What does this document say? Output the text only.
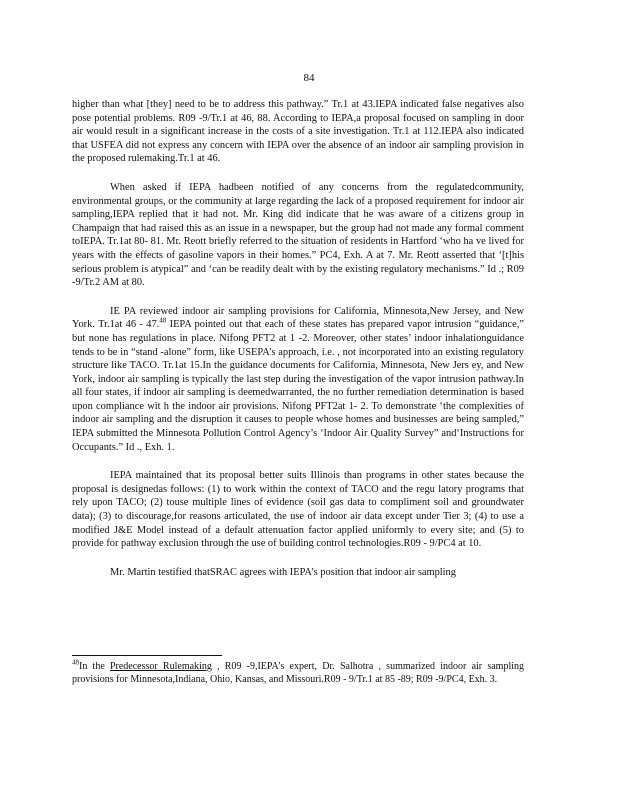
84

higher than what [they] need to be to address this pathway.” Tr.1 at 43.IEPA indicated false negatives also pose potential problems. R09 -9/Tr.1 at 46, 88. According to IEPA,a proposal focused on sampling in door air would result in a significant increase in the costs of a site investigation. Tr.1 at 112.IEPA also indicated that USFEA did not express any concern with IEPA over the absence of an indoor air sampling provision in the proposed rulemaking.Tr.1 at 46.

When asked if IEPA hadbeen notified of any concerns from the regulatedcommunity, environmental groups, or the community at large regarding the lack of a proposed requirement for indoor air sampling,IEPA replied that it had not. Mr. King did indicate that he was aware of a citizens group in Champaign that had raised this as an issue in a newspaper, but the group had not made any formal comment toIEPA. Tr.1at 80- 81. Mr. Reott briefly referred to the situation of residents in Hartford ‘who ha ve lived for years with the effects of gasoline vapors in their homes.” PC4, Exh. A at 7. Mr. Reott asserted that ‘[t]his serious problem is atypical” and ‘can be readily dealt with by the existing regulatory mechanisms.” Id .; R09 -9/Tr.2 AM at 80.

IE PA reviewed indoor air sampling provisions for California, Minnesota,New Jersey, and New York. Tr.1at 46 - 47.48 IEPA pointed out that each of these states has prepared vapor intrusion “guidance,” but none has regulations in place. Nifong PFT2 at 1 -2. Moreover, other states’ indoor inhalationguidance tends to be in “stand -alone” form, like USEPA’s approach, i.e. , not incorporated into an existing regulatory structure like TACO. Tr.1at 15.In the guidance documents for California, Minnesota, New Jers ey, and New York, indoor air sampling is typically the last step during the investigation of the vapor intrusion pathway.In all four states, if indoor air sampling is deemedwarranted, the no further remediation determination is based upon compliance wit h the indoor air provisions. Nifong PFT2at 1- 2. To demonstrate ‘the complexities of indoor air sampling and the disruption it causes to people whose homes and businesses are being sampled,” IEPA submitted the Minnesota Pollution Control Agency’s ‘Indoor Air Quality Survey” and‘Instructions for Occupants.” Id ., Exh. 1.

IEPA maintained that its proposal better suits Illinois than programs in other states because the proposal is designedas follows: (1) to work within the context of TACO and the regu latory programs that rely upon TACO; (2) touse multiple lines of evidence (soil gas data to compliment soil and groundwater data); (3) to discourage,for reasons articulated, the use of indoor air data except under Tier 3; (4) to use a modified J&E Model instead of a default attenuation factor applied uniformly to every site; and (5) to provide for pathway exclusion through the use of building control technologies.R09 - 9/PC4 at 10.

Mr. Martin testified thatSRAC agrees with IEPA’s position that indoor air sampling

$^{48}$In the Predecessor Rulemaking , R09 -9,IEPA’s expert, Dr. Salhotra , summarized indoor air sampling provisions for Minnesota,Indiana, Ohio, Kansas, and Missouri.R09 - 9/Tr.1 at 85 -89; R09 -9/PC4, Exh. 3.
